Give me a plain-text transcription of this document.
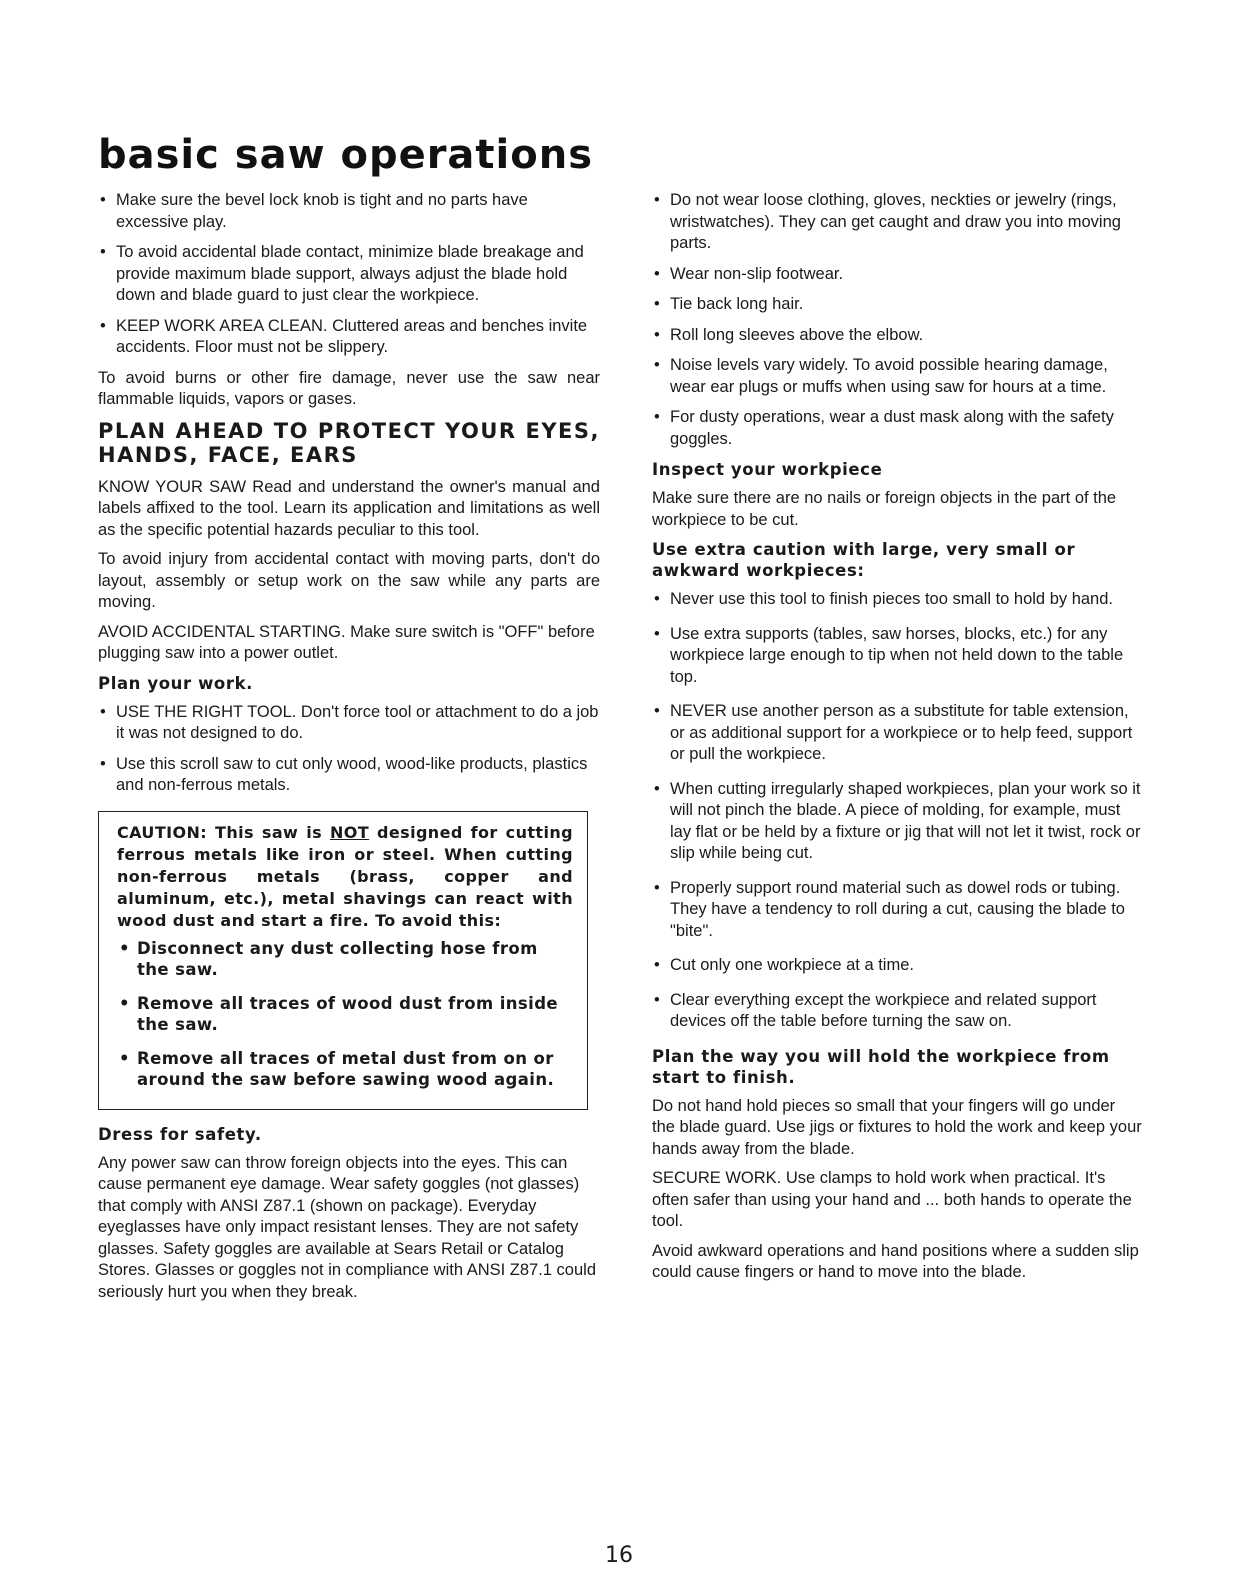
basic saw operations
• Make sure the bevel lock knob is tight and no parts have excessive play.
• To avoid accidental blade contact, minimize blade breakage and provide maximum blade support, always adjust the blade hold down and blade guard to just clear the workpiece.
• KEEP WORK AREA CLEAN. Cluttered areas and benches invite accidents. Floor must not be slippery.

To avoid burns or other fire damage, never use the saw near flammable liquids, vapors or gases.

PLAN AHEAD TO PROTECT YOUR EYES, HANDS, FACE, EARS

KNOW YOUR SAW Read and understand the owner's manual and labels affixed to the tool. Learn its application and limitations as well as the specific potential hazards peculiar to this tool.

To avoid injury from accidental contact with moving parts, don't do layout, assembly or setup work on the saw while any parts are moving.

AVOID ACCIDENTAL STARTING. Make sure switch is "OFF" before plugging saw into a power outlet.

Plan your work.
• USE THE RIGHT TOOL. Don't force tool or attachment to do a job it was not designed to do.
• Use this scroll saw to cut only wood, wood-like products, plastics and non-ferrous metals.

CAUTION: This saw is NOT designed for cutting ferrous metals like iron or steel. When cutting non-ferrous metals (brass, copper and aluminum, etc.), metal shavings can react with wood dust and start a fire. To avoid this:

• Disconnect any dust collecting hose from the saw.
• Remove all traces of wood dust from inside the saw.
• Remove all traces of metal dust from on or around the saw before sawing wood again.
Dress for safety.

Any power saw can throw foreign objects into the eyes. This can cause permanent eye damage. Wear safety goggles (not glasses) that comply with ANSI Z87.1 (shown on package). Everyday eyeglasses have only impact resistant lenses. They are not safety glasses. Safety goggles are available at Sears Retail or Catalog Stores. Glasses or goggles not in compliance with ANSI Z87.1 could seriously hurt you when they break.

• Do not wear loose clothing, gloves, neckties or jewelry (rings, wristwatches). They can get caught and draw you into moving parts.
• Wear non-slip footwear.
• Tie back long hair.
• Roll long sleeves above the elbow.
• Noise levels vary widely. To avoid possible hearing damage, wear ear plugs or muffs when using saw for hours at a time.
• For dusty operations, wear a dust mask along with the safety goggles.
Inspect your workpiece

Make sure there are no nails or foreign objects in the part of the workpiece to be cut.

Use extra caution with large, very small or awkward workpieces:
• Never use this tool to finish pieces too small to hold by hand.
• Use extra supports (tables, saw horses, blocks, etc.) for any workpiece large enough to tip when not held down to the table top.
• NEVER use another person as a substitute for table extension, or as additional support for a workpiece or to help feed, support or pull the workpiece.
• When cutting irregularly shaped workpieces, plan your work so it will not pinch the blade. A piece of molding, for example, must lay flat or be held by a fixture or jig that will not let it twist, rock or slip while being cut.
• Properly support round material such as dowel rods or tubing. They have a tendency to roll during a cut, causing the blade to "bite".
• Cut only one workpiece at a time.
• Clear everything except the workpiece and related support devices off the table before turning the saw on.
Plan the way you will hold the workpiece from start to finish.

Do not hand hold pieces so small that your fingers will go under the blade guard. Use jigs or fixtures to hold the work and keep your hands away from the blade.

SECURE WORK. Use clamps to hold work when practical. It's often safer than using your hand and ... both hands to operate the tool.

Avoid awkward operations and hand positions where a sudden slip could cause fingers or hand to move into the blade.

16
